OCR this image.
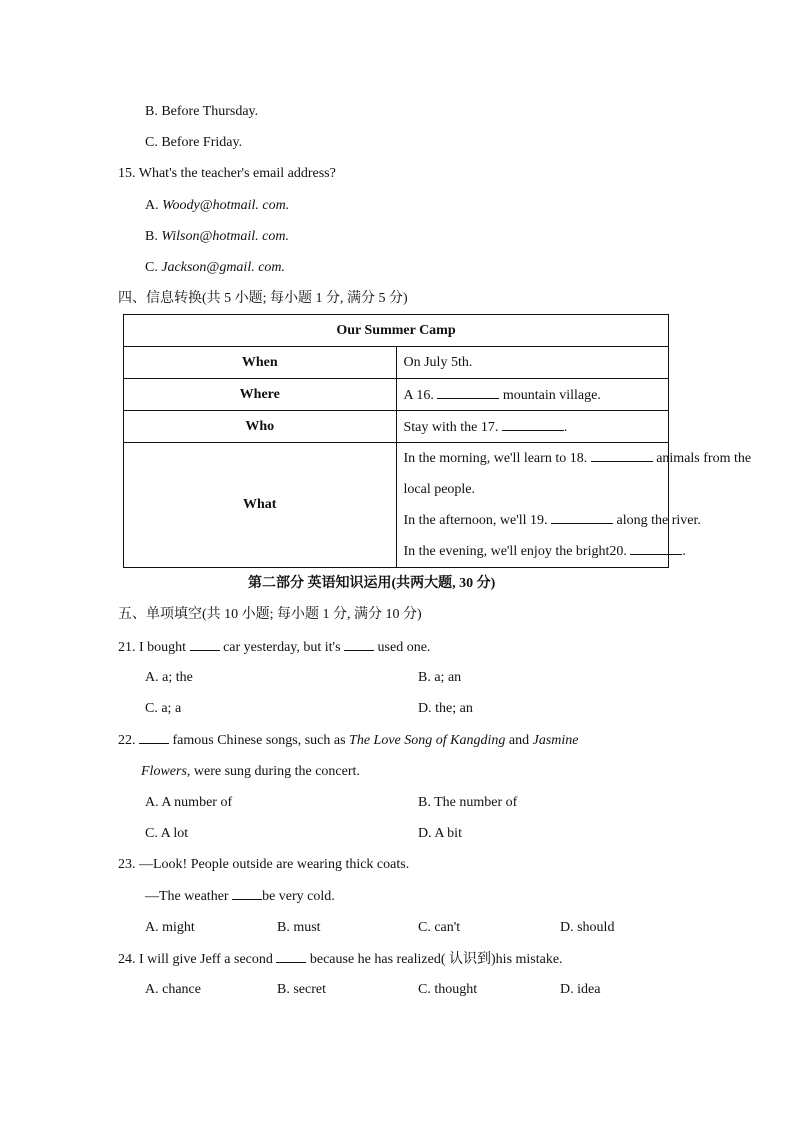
B. Before Thursday.
C. Before Friday.
15. What's the teacher's email address?
A. Woody@hotmail. com.
B. Wilson@hotmail. com.
C. Jackson@gmail. com.
四、信息转换(共 5 小题; 每小题 1 分, 满分 5 分)
Our Summer Camp	
When	On July 5th.
Where	A 16. mountain village.
Who	Stay with the 17. .
What	In the morning, we'll learn to 18. animals from the
local people.
In the afternoon, we'll 19. along the river.
In the evening, we'll enjoy the bright20. .
第二部分 英语知识运用(共两大题, 30 分)
五、单项填空(共 10 小题; 每小题 1 分, 满分 10 分)
21. I bought  car yesterday, but it's  used one.
A. a; the	B. a; an
C. a; a	D. the; an
22.  famous Chinese songs, such as The Love Song of Kangding and Jasmine
Flowers, were sung during the concert.
A. A number of	B. The number of
C. A lot	D. A bit
23. —Look! People outside are wearing thick coats.
—The weather be very cold.
A. might	B. must	C. can't	D. should
24. I will give Jeff a second  because he has realized( 认识到)his mistake.
A. chance	B. secret	C. thought	D. idea
